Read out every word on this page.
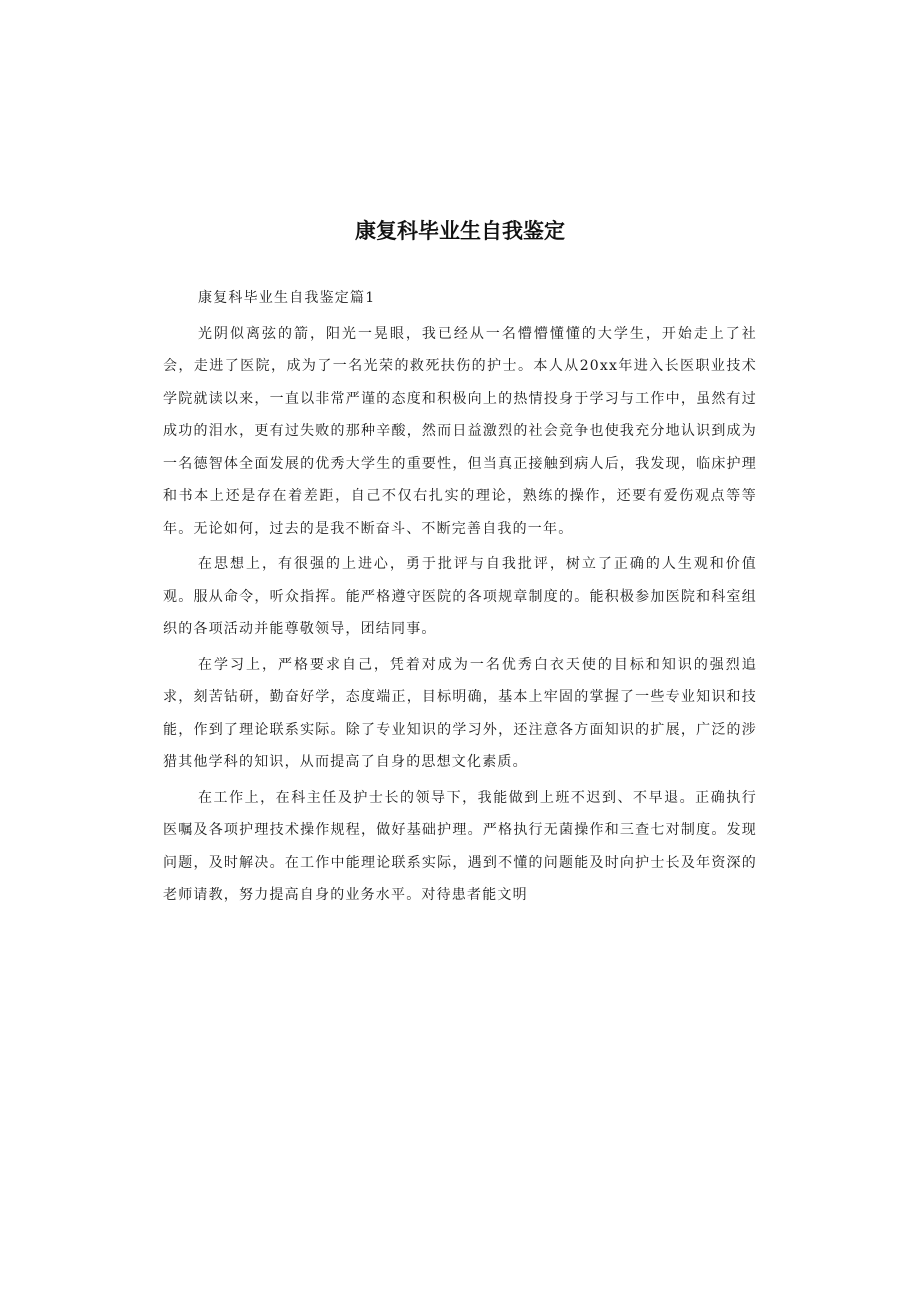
康复科毕业生自我鉴定

康复科毕业生自我鉴定篇1

光阴似离弦的箭，阳光一晃眼，我已经从一名懵懵懂懂的大学生，开始走上了社会，走进了医院，成为了一名光荣的救死扶伤的护士。本人从20xx年进入长医职业技术学院就读以来，一直以非常严谨的态度和积极向上的热情投身于学习与工作中，虽然有过成功的泪水，更有过失败的那种辛酸，然而日益激烈的社会竞争也使我充分地认识到成为一名德智体全面发展的优秀大学生的重要性，但当真正接触到病人后，我发现，临床护理和书本上还是存在着差距，自己不仅右扎实的理论，熟练的操作，还要有爱伤观点等等年。无论如何，过去的是我不断奋斗、不断完善自我的一年。

在思想上，有很强的上进心，勇于批评与自我批评，树立了正确的人生观和价值观。服从命令，听众指挥。能严格遵守医院的各项规章制度的。能积极参加医院和科室组织的各项活动并能尊敬领导，团结同事。

在学习上，严格要求自己，凭着对成为一名优秀白衣天使的目标和知识的强烈追求，刻苦钻研，勤奋好学，态度端正，目标明确，基本上牢固的掌握了一些专业知识和技能，作到了理论联系实际。除了专业知识的学习外，还注意各方面知识的扩展，广泛的涉猎其他学科的知识，从而提高了自身的思想文化素质。

在工作上，在科主任及护士长的领导下，我能做到上班不迟到、不早退。正确执行医嘱及各项护理技术操作规程，做好基础护理。严格执行无菌操作和三查七对制度。发现问题，及时解决。在工作中能理论联系实际，遇到不懂的问题能及时向护士长及年资深的老师请教，努力提高自身的业务水平。对待患者能文明
